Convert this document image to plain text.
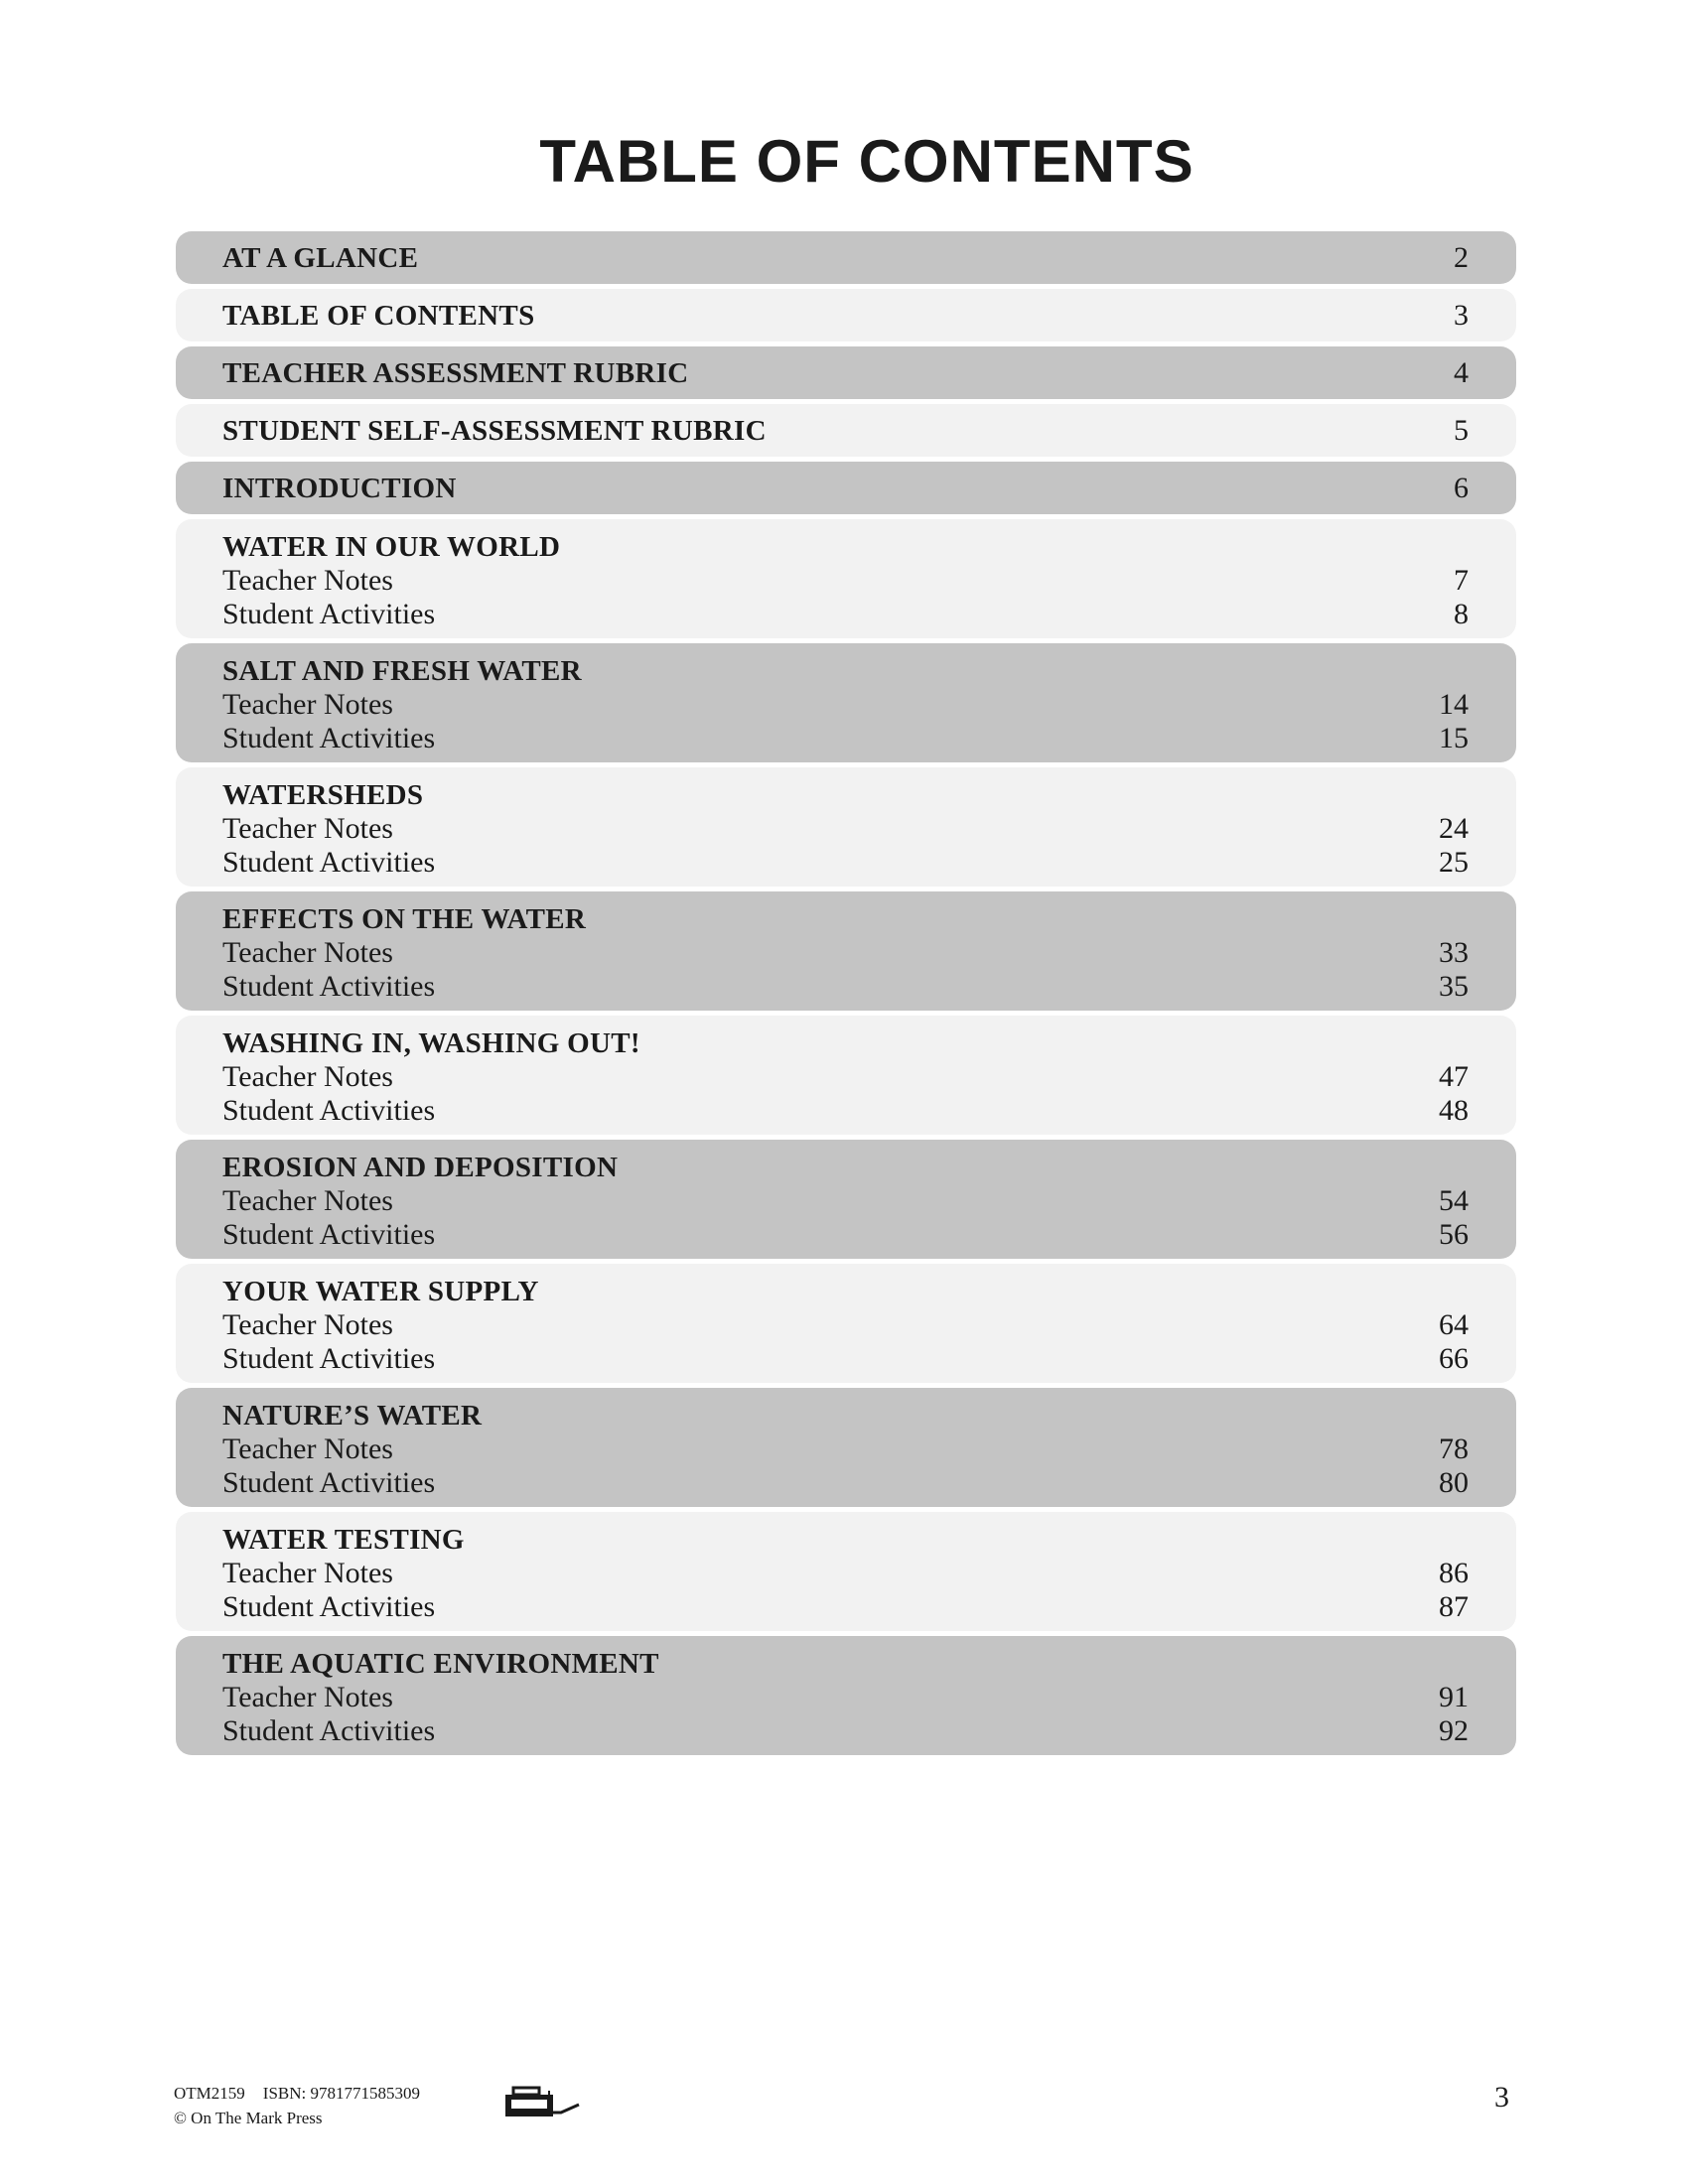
TABLE OF CONTENTS
AT A GLANCE	2
TABLE OF CONTENTS	3
TEACHER ASSESSMENT RUBRIC	4
STUDENT SELF-ASSESSMENT RUBRIC	5
INTRODUCTION	6
WATER IN OUR WORLD
Teacher Notes	7
Student Activities	8
SALT AND FRESH WATER
Teacher Notes	14
Student Activities	15
WATERSHEDS
Teacher Notes	24
Student Activities	25
EFFECTS ON THE WATER
Teacher Notes	33
Student Activities	35
WASHING IN, WASHING OUT!
Teacher Notes	47
Student Activities	48
EROSION AND DEPOSITION
Teacher Notes	54
Student Activities	56
YOUR WATER SUPPLY
Teacher Notes	64
Student Activities	66
NATURE’S WATER
Teacher Notes	78
Student Activities	80
WATER TESTING
Teacher Notes	86
Student Activities	87
THE AQUATIC ENVIRONMENT
Teacher Notes	91
Student Activities	92
OTM2159 ISBN: 9781771585309
© On The Mark Press
3
